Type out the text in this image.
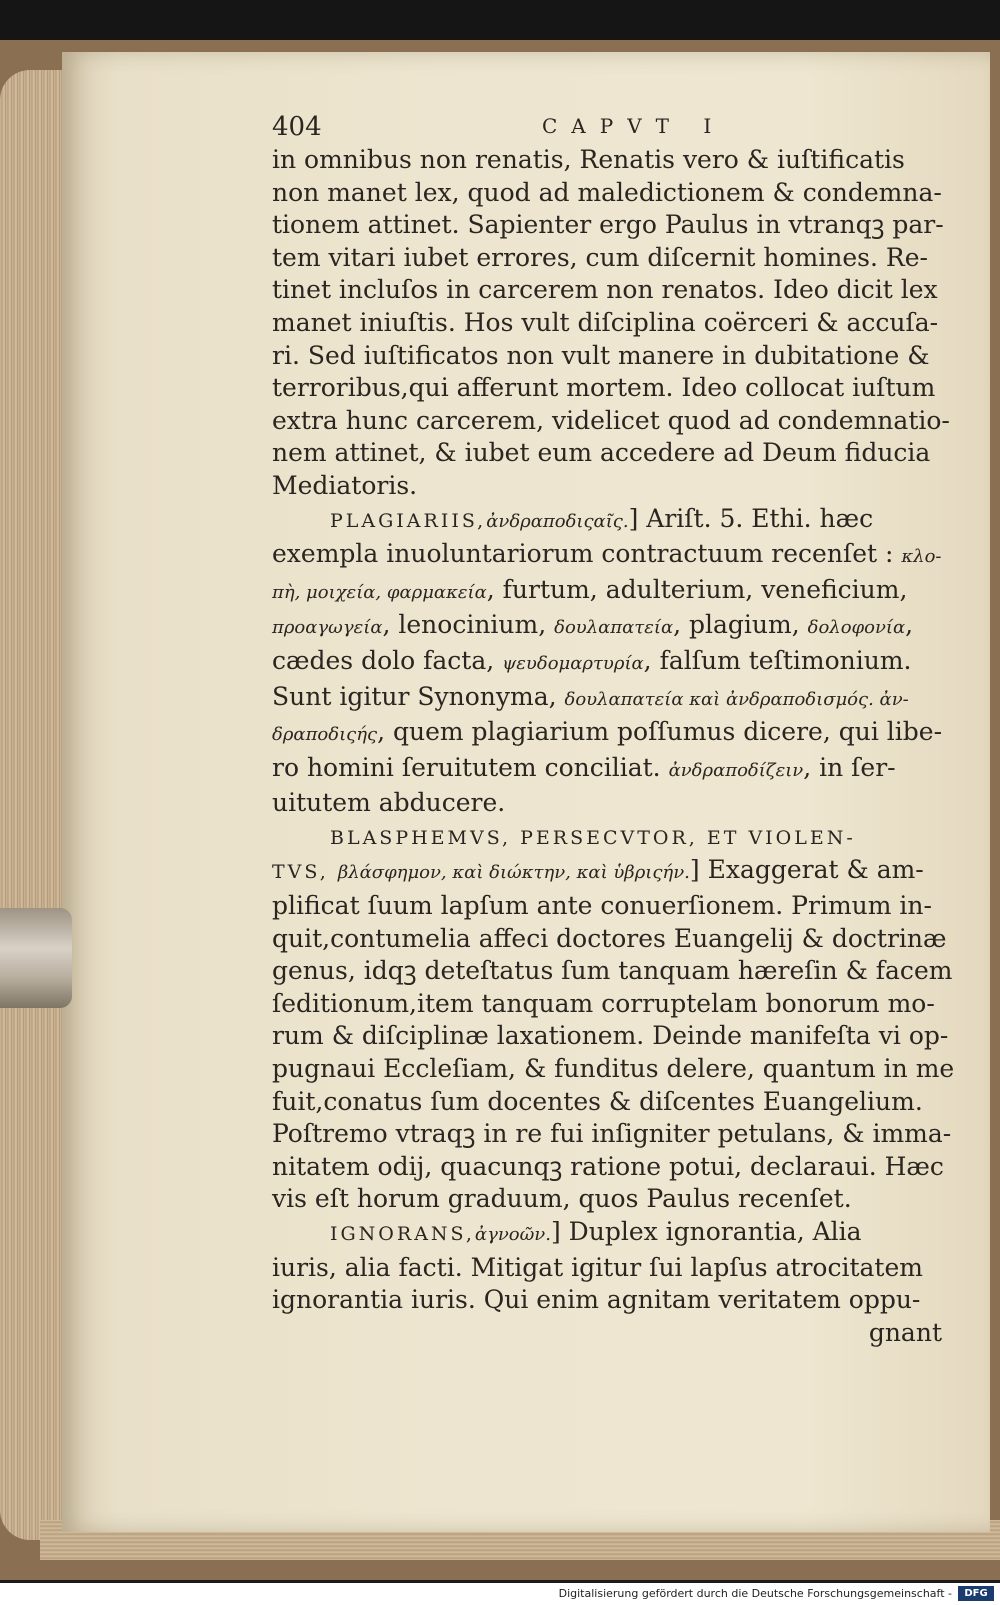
404	CAPVT I
in omnibus non renatis, Renatis vero & iuſtificatis
non manet lex, quod ad maledictionem & condemna-
tionem attinet. Sapienter ergo Paulus in vtranqꝫ par-
tem vitari iubet errores, cum diſcernit homines. Re-
tinet incluſos in carcerem non renatos. Ideo dicit lex
manet iniuſtis. Hos vult diſciplina coërceri & accuſa-
ri. Sed iuſtificatos non vult manere in dubitatione &
terroribus,qui afferunt mortem. Ideo collocat iuſtum
extra hunc carcerem, videlicet quod ad condemnatio-
nem attinet, & iubet eum accedere ad Deum fiducia
Mediatoris.
PLAGIARIIS,ἀνδραποδιςαῖς.] Ariſt. 5. Ethi. hæc
exempla inuoluntariorum contractuum recenſet : κλο-
πὴ, μοιχεία, φαρμακεία, furtum, adulterium, veneficium,
προαγωγεία, lenocinium, δουλαπατεία, plagium, δολοφονία,
cædes dolo facta, ψευδομαρτυρία, falſum teſtimonium.
Sunt igitur Synonyma, δουλαπατεία καὶ ἀνδραποδισμός. ἀν-
δραποδιςής, quem plagiarium poſſumus dicere, qui libe-
ro homini ſeruitutem conciliat. ἀνδραποδίζειν, in ſer-
uitutem abducere.
BLASPHEMVS, PERSECVTOR, ET VIOLEN-
TVS, βλάσφημον, καὶ διώκτην, καὶ ὑβριςήν.] Exaggerat & am-
plificat ſuum lapſum ante conuerſionem. Primum in-
quit,contumelia affeci doctores Euangelij & doctrinæ
genus, idqꝫ deteſtatus ſum tanquam hæreſin & facem
ſeditionum,item tanquam corruptelam bonorum mo-
rum & diſciplinæ laxationem. Deinde manifeſta vi op-
pugnaui Eccleſiam, & funditus delere, quantum in me
fuit,conatus ſum docentes & diſcentes Euangelium.
Poſtremo vtraqꝫ in re fui inſigniter petulans, & imma-
nitatem odij, quacunqꝫ ratione potui, declaraui. Hæc
vis eſt horum graduum, quos Paulus recenſet.
IGNORANS,ἀγνοῶν.] Duplex ignorantia, Alia
iuris, alia facti. Mitigat igitur ſui lapſus atrocitatem
ignorantia iuris. Qui enim agnitam veritatem oppu-
gnant
Digitalisierung gefördert durch die Deutsche Forschungsgemeinschaft -	DFG
